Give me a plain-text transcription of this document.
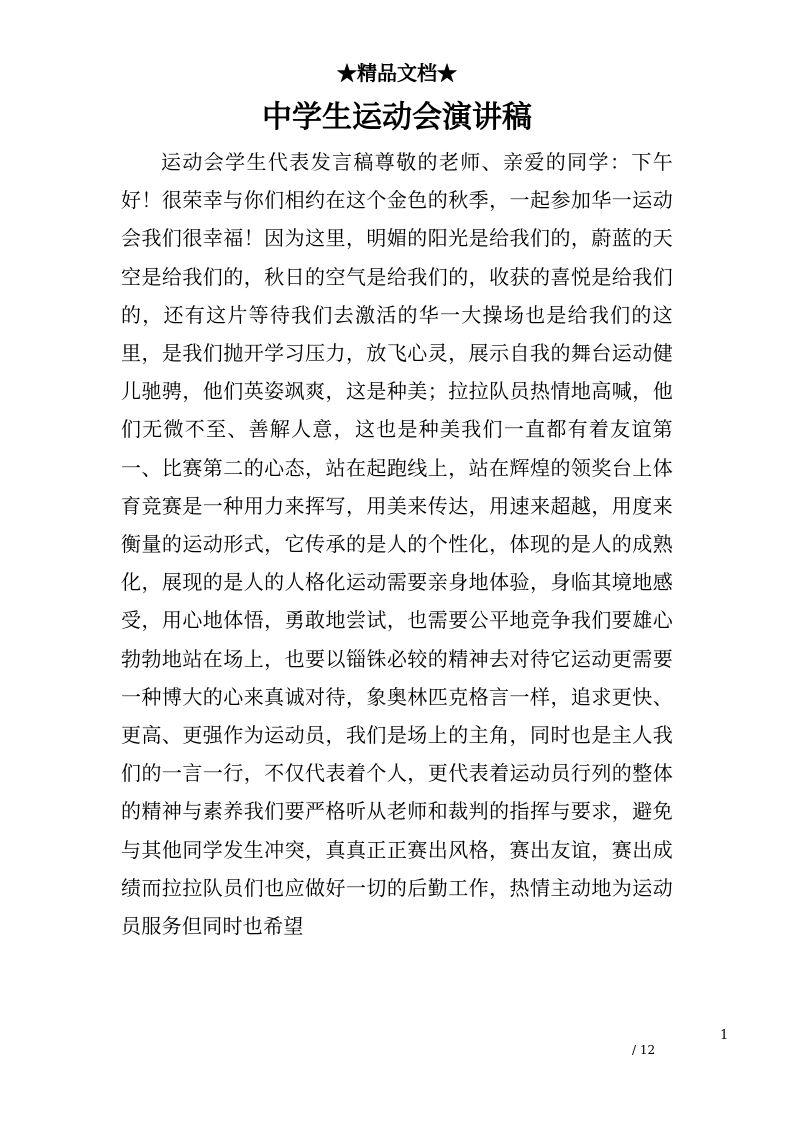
★精品文档★
中学生运动会演讲稿

运动会学生代表发言稿尊敬的老师、亲爱的同学：下午好！很荣幸与你们相约在这个金色的秋季，一起参加华一运动会我们很幸福！因为这里，明媚的阳光是给我们的，蔚蓝的天空是给我们的，秋日的空气是给我们的，收获的喜悦是给我们的，还有这片等待我们去激活的华一大操场也是给我们的这里，是我们抛开学习压力，放飞心灵，展示自我的舞台运动健儿驰骋，他们英姿飒爽，这是种美；拉拉队员热情地高喊，他们无微不至、善解人意，这也是种美我们一直都有着友谊第一、比赛第二的心态，站在起跑线上，站在辉煌的领奖台上体育竞赛是一种用力来挥写，用美来传达，用速来超越，用度来衡量的运动形式，它传承的是人的个性化，体现的是人的成熟化，展现的是人的人格化运动需要亲身地体验，身临其境地感受，用心地体悟，勇敢地尝试，也需要公平地竞争我们要雄心勃勃地站在场上，也要以锱铢必较的精神去对待它运动更需要一种博大的心来真诚对待，象奥林匹克格言一样，追求更快、更高、更强作为运动员，我们是场上的主角，同时也是主人我们的一言一行，不仅代表着个人，更代表着运动员行列的整体的精神与素养我们要严格听从老师和裁判的指挥与要求，避免与其他同学发生冲突，真真正正赛出风格，赛出友谊，赛出成绩而拉拉队员们也应做好一切的后勤工作，热情主动地为运动员服务但同时也希望

1
/ 12
